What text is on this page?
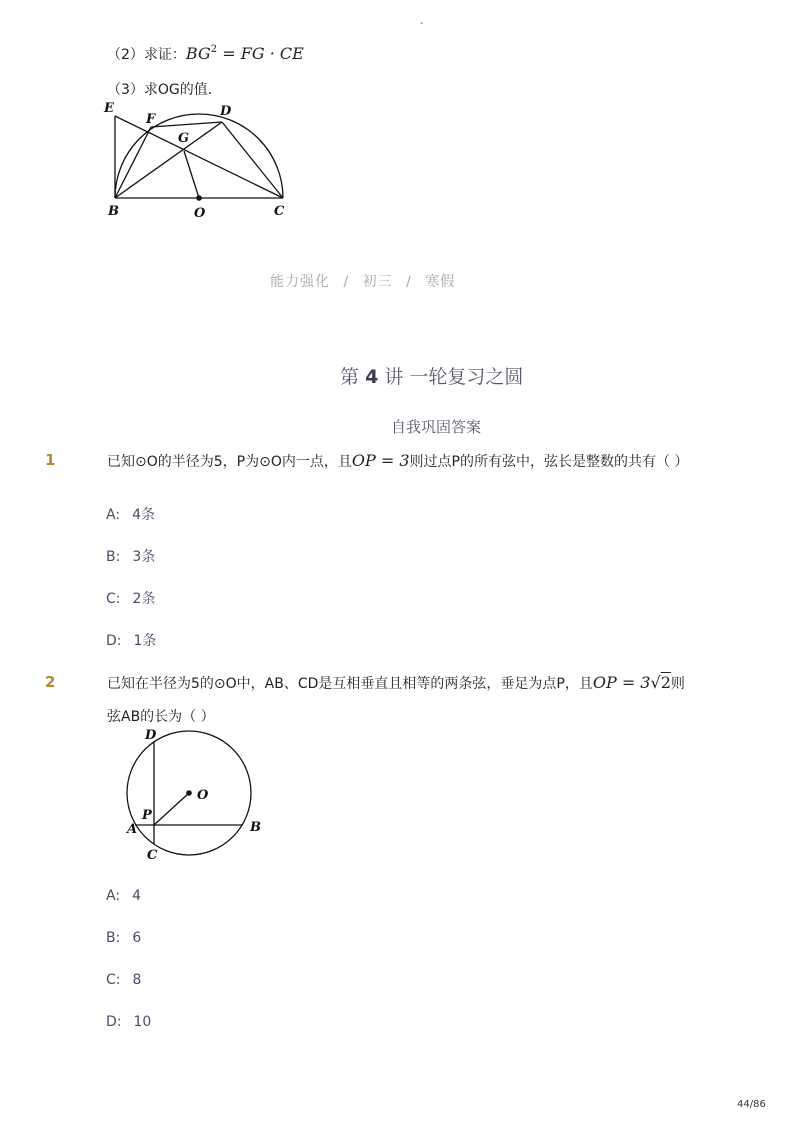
-
（2）求证：$BG^2$ = FG · CE
（3）求OG的值．
E
F
G
D
B	O	C
能力强化 / 初三 / 寒假
第 4 讲 一轮复习之圆
自我巩固答案
1	已知⊙O的半径为5，P为⊙O内一点，且OP = 3则过点P的所有弦中，弦长是整数的共有（ ）
A: 4条
B: 3条
C: 2条
D: 1条
2	已知在半径为5的⊙O中，AB、CD是互相垂直且相等的两条弦，垂足为点P，且OP = 3√2则
弦AB的长为（ ）
D
O
P
A	B
C
A: 4
B: 6
C: 8
D: 10
44/86
